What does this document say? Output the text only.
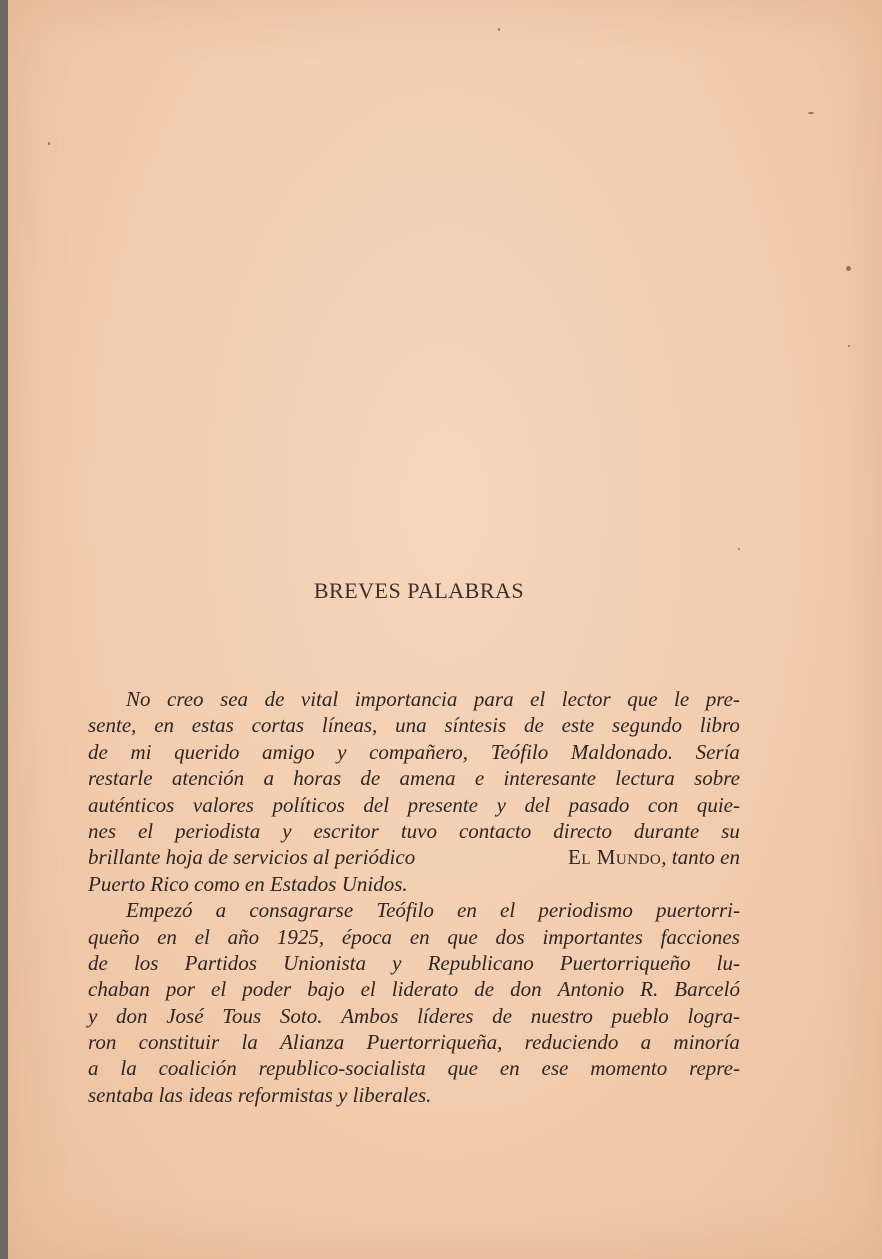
BREVES PALABRAS
No creo sea de vital importancia para el lector que le pre-
sente, en estas cortas líneas, una síntesis de este segundo libro
de mi querido amigo y compañero, Teófilo Maldonado. Sería
restarle atención a horas de amena e interesante lectura sobre
auténticos valores políticos del presente y del pasado con quie-
nes el periodista y escritor tuvo contacto directo durante su
brillante hoja de servicios al periódico	El Mundo, tanto en
Puerto Rico como en Estados Unidos.
Empezó a consagrarse Teófilo en el periodismo puertorri-
queño en el año 1925, época en que dos importantes facciones
de los Partidos Unionista y Republicano Puertorriqueño lu-
chaban por el poder bajo el liderato de don Antonio R. Barceló
y don José Tous Soto. Ambos líderes de nuestro pueblo logra-
ron constituir la Alianza Puertorriqueña, reduciendo a minoría
a la coalición republico-socialista que en ese momento repre-
sentaba las ideas reformistas y liberales.
